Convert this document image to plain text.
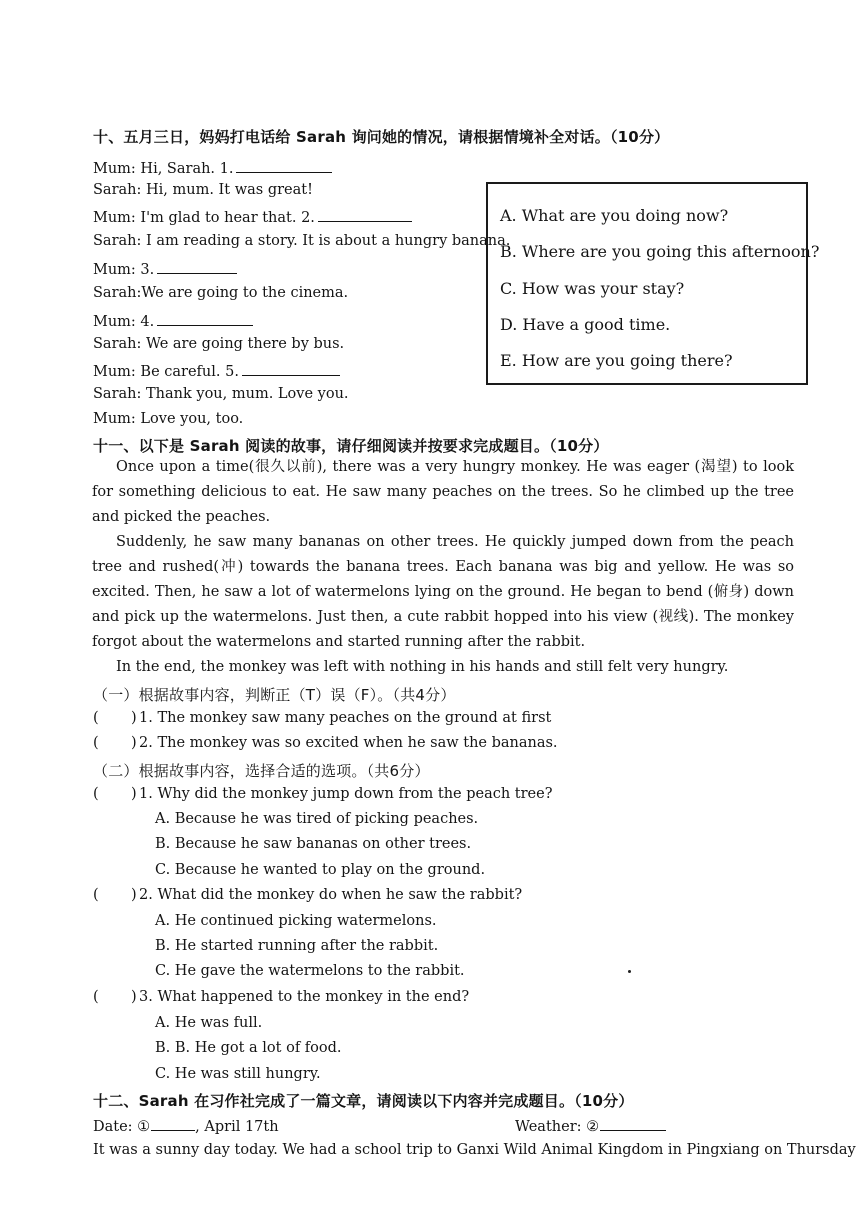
十、五月三日，妈妈打电话给 Sarah 询问她的情况，请根据情境补全对话。（10分）
Mum: Hi, Sarah. 1.
Sarah: Hi, mum. It was great!
Mum: I'm glad to hear that. 2.
Sarah: I am reading a story. It is about a hungry banana.
Mum: 3.
Sarah:We are going to the cinema.
Mum: 4.
Sarah: We are going there by bus.
Mum: Be careful. 5.
Sarah: Thank you, mum. Love you.
Mum: Love you, too.
A. What are you doing now?
B. Where are you going this afternoon?
C. How was your stay?
D. Have a good time.
E. How are you going there?
十一、以下是 Sarah 阅读的故事，请仔细阅读并按要求完成题目。（10分）
Once upon a time(很久以前), there was a very hungry monkey. He was eager (渴望) to look for something delicious to eat. He saw many peaches on the trees. So he climbed up the tree and picked the peaches.
Suddenly, he saw many bananas on other trees. He quickly jumped down from the peach tree and rushed(冲) towards the banana trees. Each banana was big and yellow. He was so excited. Then, he saw a lot of watermelons lying on the ground. He began to bend (俯身) down and pick up the watermelons. Just then, a cute rabbit hopped into his view (视线). The monkey forgot about the watermelons and started running after the rabbit.
In the end, the monkey was left with nothing in his hands and still felt very hungry.
（一）根据故事内容，判断正（T）误（F）。（共4分）
( ) 1. The monkey saw many peaches on the ground at first
( ) 2. The monkey was so excited when he saw the bananas.
（二）根据故事内容，选择合适的选项。（共6分）
( ) 1. Why did the monkey jump down from the peach tree?
A. Because he was tired of picking peaches.
B. Because he saw bananas on other trees.
C. Because he wanted to play on the ground.
( ) 2. What did the monkey do when he saw the rabbit?
A. He continued picking watermelons.
B. He started running after the rabbit.
C. He gave the watermelons to the rabbit.
( ) 3. What happened to the monkey in the end?
A. He was full.
B. B. He got a lot of food.
C. He was still hungry.
十二、Sarah 在习作社完成了一篇文章，请阅读以下内容并完成题目。（10分）
Date: ①	, April 17th	Weather: ②
It was a sunny day today. We had a school trip to Ganxi Wild Animal Kingdom in Pingxiang on Thursday
